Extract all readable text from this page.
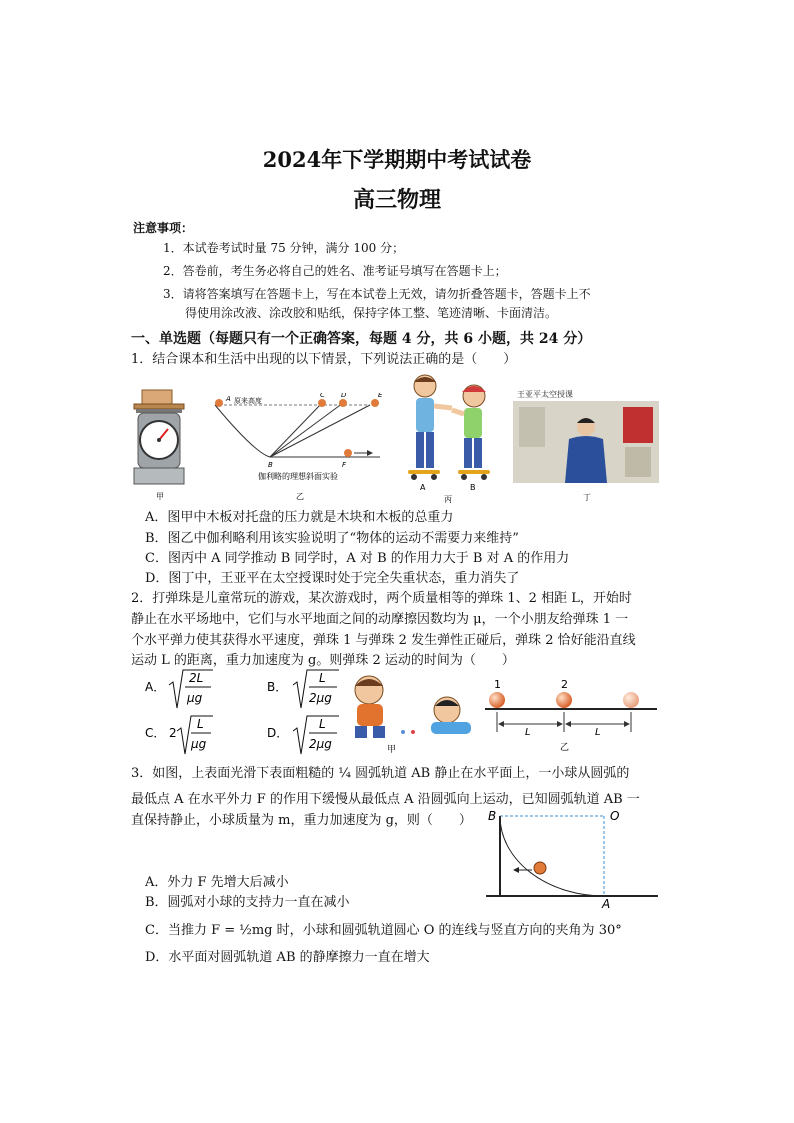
2024年下学期期中考试试卷
高三物理
注意事项：
1．本试卷考试时量 75 分钟，满分 100 分；
2．答卷前，考生务必将自己的姓名、准考证号填写在答题卡上；
3．请将答案填写在答题卡上，写在本试卷上无效，请勿折叠答题卡，答题卡上不
得使用涂改液、涂改胶和贴纸，保持字体工整、笔迹清晰、卡面清洁。
一、单选题（每题只有一个正确答案，每题 4 分，共 6 小题，共 24 分）
1．结合课本和生活中出现的以下情景，下列说法正确的是（　　）
甲
A 原来高度
C D	E
B	F
伽利略的理想斜面实验
乙
A	B
丙
王亚平太空授课
丁
A．图甲中木板对托盘的压力就是木块和木板的总重力
B．图乙中伽利略利用该实验说明了“物体的运动不需要力来维持”
C．图丙中 A 同学推动 B 同学时，A 对 B 的作用力大于 B 对 A 的作用力
D．图丁中，王亚平在太空授课时处于完全失重状态，重力消失了
2．打弹珠是儿童常玩的游戏，某次游戏时，两个质量相等的弹珠 1、2 相距 L，开始时
静止在水平场地中，它们与水平地面之间的动摩擦因数均为 μ，一个小朋友给弹珠 1 一
个水平弹力使其获得水平速度，弹珠 1 与弹珠 2 发生弹性正碰后，弹珠 2 恰好能沿直线
运动 L 的距离，重力加速度为 g。则弹珠 2 运动的时间为（　　）
A．
2L
μg
B．
L
2μg
C． 2
L
μg
D．
L
2μg	甲
1	2
L	L
乙
3．如图，上表面光滑下表面粗糙的 ¼ 圆弧轨道 AB 静止在水平面上，一小球从圆弧的
最低点 A 在水平外力 F 的作用下缓慢从最低点 A 沿圆弧向上运动，已知圆弧轨道 AB 一
直保持静止，小球质量为 m，重力加速度为 g，则（　　） B	O
A
A．外力 F 先增大后减小
B．圆弧对小球的支持力一直在减小
C．当推力 F = ½mg 时，小球和圆弧轨道圆心 O 的连线与竖直方向的夹角为 30°
D．水平面对圆弧轨道 AB 的静摩擦力一直在增大
